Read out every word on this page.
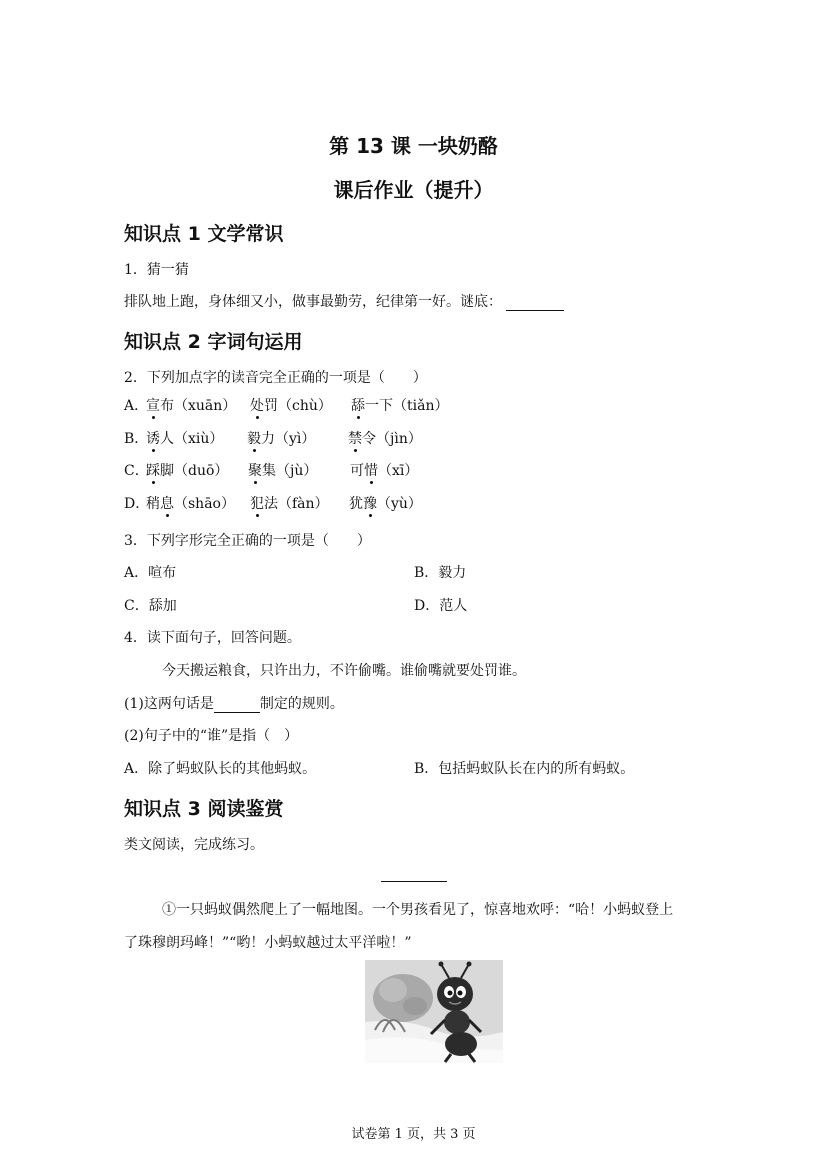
第 13 课 一块奶酪
课后作业（提升）
知识点 1 文学常识
1．猜一猜
排队地上跑，身体细又小，做事最勤劳，纪律第一好。谜底：
知识点 2 字词句运用
2．下列加点字的读音完全正确的一项是（　　）
A．宣布（xuān） 处罚（chù） 舔一下（tiǎn）
B．诱人（xiù） 毅力（yì） 禁令（jìn）
C．踩脚（duō） 聚集（jù） 可惜（xī）
D．稍息（shāo） 犯法（fàn） 犹豫（yù）
3．下列字形完全正确的一项是（　　）
A．喧布	B．毅力
C．舔加	D．范人
4．读下面句子，回答问题。
今天搬运粮食，只许出力，不许偷嘴。谁偷嘴就要处罚谁。
(1)这两句话是	制定的规则。
(2)句子中的“谁”是指（　）
A．除了蚂蚁队长的其他蚂蚁。	B．包括蚂蚁队长在内的所有蚂蚁。
知识点 3 阅读鉴赏
类文阅读，完成练习。
①一只蚂蚁偶然爬上了一幅地图。一个男孩看见了，惊喜地欢呼：“哈！小蚂蚁登上
了珠穆朗玛峰！”“哟！小蚂蚁越过太平洋啦！”
试卷第 1 页，共 3 页
